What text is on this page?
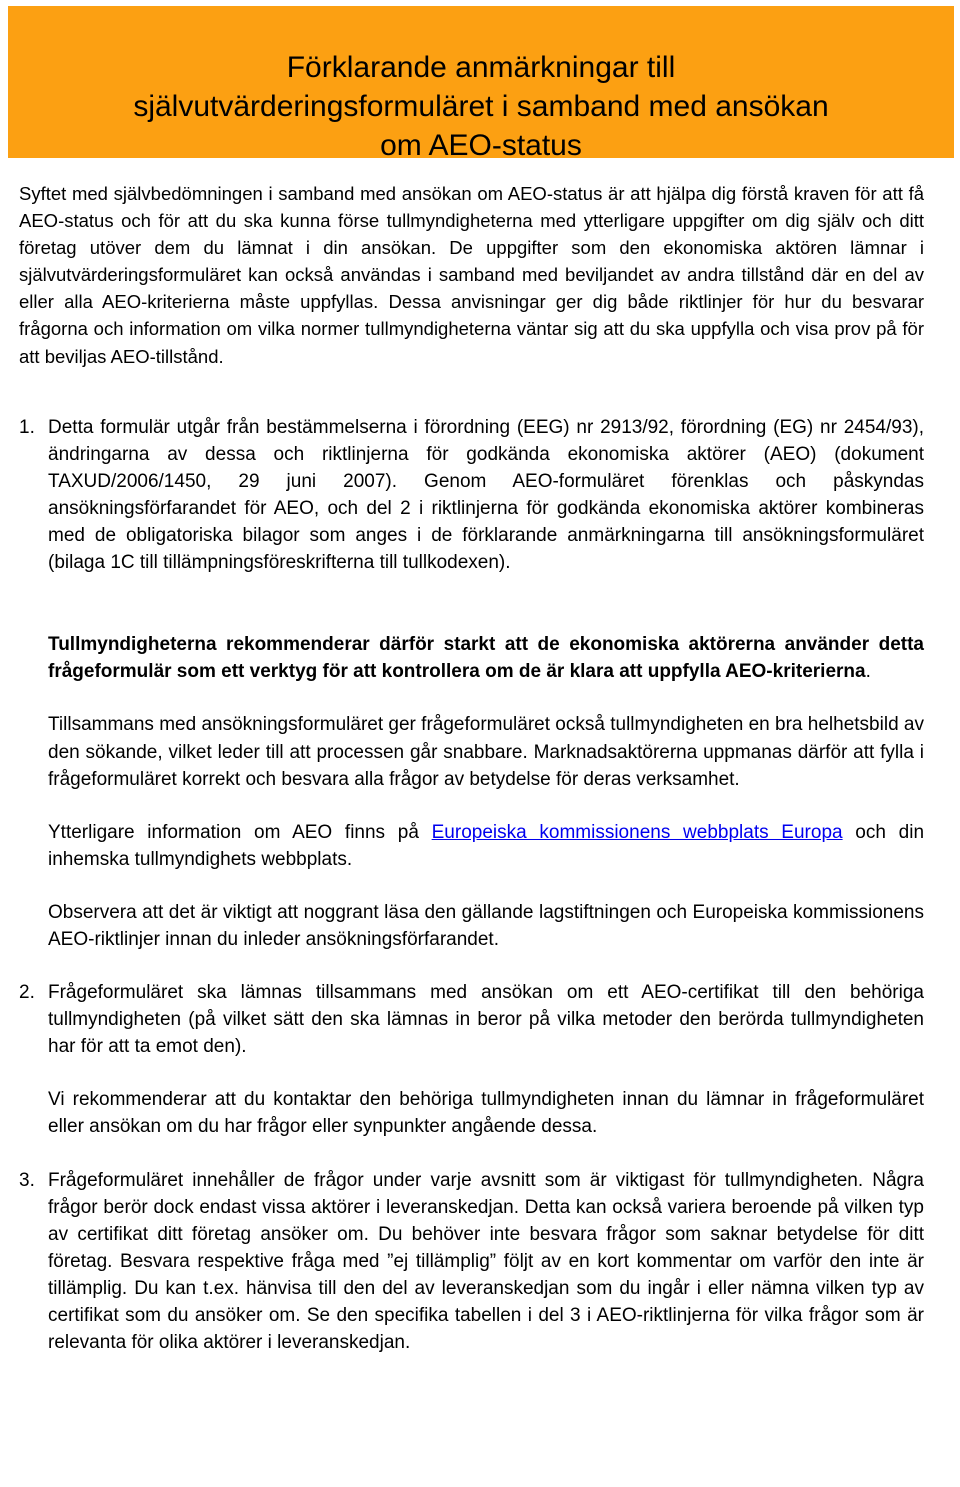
Förklarande anmärkningar till
självutvärderingsformuläret i samband med ansökan
om AEO-status

Syftet med självbedömningen i samband med ansökan om AEO-status är att hjälpa dig förstå kraven för att få AEO-status och för att du ska kunna förse tullmyndigheterna med ytterligare uppgifter om dig själv och ditt företag utöver dem du lämnat i din ansökan. De uppgifter som den ekonomiska aktören lämnar i självutvärderingsformuläret kan också användas i samband med beviljandet av andra tillstånd där en del av eller alla AEO-kriterierna måste uppfyllas. Dessa anvisningar ger dig både riktlinjer för hur du besvarar frågorna och information om vilka normer tullmyndigheterna väntar sig att du ska uppfylla och visa prov på för att beviljas AEO-tillstånd.

1. Detta formulär utgår från bestämmelserna i förordning (EEG) nr 2913/92, förordning (EG) nr 2454/93), ändringarna av dessa och riktlinjerna för godkända ekonomiska aktörer (AEO) (dokument TAXUD/2006/1450, 29 juni 2007). Genom AEO-formuläret förenklas och påskyndas ansökningsförfarandet för AEO, och del 2 i riktlinjerna för godkända ekonomiska aktörer kombineras med de obligatoriska bilagor som anges i de förklarande anmärkningarna till ansökningsformuläret (bilaga 1C till tillämpningsföreskrifterna till tullkodexen).

Tullmyndigheterna rekommenderar därför starkt att de ekonomiska aktörerna använder detta frågeformulär som ett verktyg för att kontrollera om de är klara att uppfylla AEO-kriterierna.

Tillsammans med ansökningsformuläret ger frågeformuläret också tullmyndigheten en bra helhetsbild av den sökande, vilket leder till att processen går snabbare. Marknadsaktörerna uppmanas därför att fylla i frågeformuläret korrekt och besvara alla frågor av betydelse för deras verksamhet.

Ytterligare information om AEO finns på Europeiska kommissionens webbplats Europa och din inhemska tullmyndighets webbplats.

Observera att det är viktigt att noggrant läsa den gällande lagstiftningen och Europeiska kommissionens AEO-riktlinjer innan du inleder ansökningsförfarandet.

2. Frågeformuläret ska lämnas tillsammans med ansökan om ett AEO-certifikat till den behöriga tullmyndigheten (på vilket sätt den ska lämnas in beror på vilka metoder den berörda tullmyndigheten har för att ta emot den).

Vi rekommenderar att du kontaktar den behöriga tullmyndigheten innan du lämnar in frågeformuläret eller ansökan om du har frågor eller synpunkter angående dessa.

3. Frågeformuläret innehåller de frågor under varje avsnitt som är viktigast för tullmyndigheten. Några frågor berör dock endast vissa aktörer i leveranskedjan. Detta kan också variera beroende på vilken typ av certifikat ditt företag ansöker om. Du behöver inte besvara frågor som saknar betydelse för ditt företag. Besvara respektive fråga med ”ej tillämplig” följt av en kort kommentar om varför den inte är tillämplig. Du kan t.ex. hänvisa till den del av leveranskedjan som du ingår i eller nämna vilken typ av certifikat som du ansöker om. Se den specifika tabellen i del 3 i AEO-riktlinjerna för vilka frågor som är relevanta för olika aktörer i leveranskedjan.
